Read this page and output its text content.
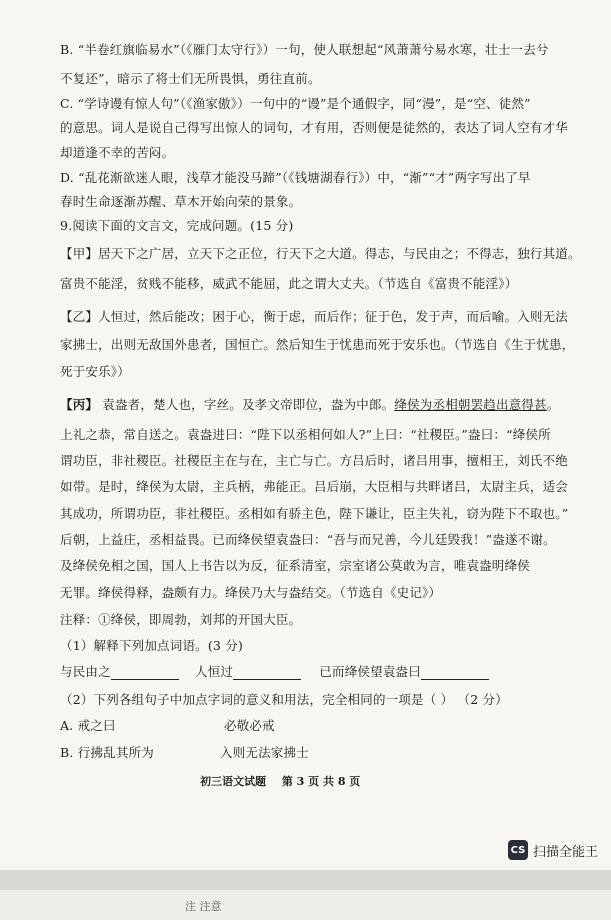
B. “半卷红旗临易水”（《雁门太守行》）一句，使人联想起“风萧萧兮易水寒，壮士一去兮
不复还”，暗示了将士们无所畏惧，勇往直前。
C. “学诗谩有惊人句”（《渔家傲》）一句中的“谩”是个通假字，同“漫”，是“空、徒然”
的意思。词人是说自己得写出惊人的词句，才有用，否则便是徒然的，表达了词人空有才华
却道逢不幸的苦闷。
D. “乱花渐欲迷人眼，浅草才能没马蹄”（《钱塘湖春行》）中，“渐”“才”两字写出了早
春时生命逐渐苏醒、草木开始向荣的景象。
9.阅读下面的文言文，完成问题。(15 分)
【甲】居天下之广居，立天下之正位，行天下之大道。得志，与民由之；不得志，独行其道。
富贵不能淫，贫贱不能移，威武不能屈，此之谓大丈夫。（节选自《富贵不能淫》）
【乙】人恒过，然后能改；困于心，衡于虑，而后作；征于色，发于声，而后喻。入则无法
家拂士，出则无敌国外患者，国恒亡。然后知生于忧患而死于安乐也。（节选自《生于忧患，
死于安乐》）
【丙】 袁盎者，楚人也，字丝。及孝文帝即位，盎为中郎。绛侯为丞相朝罢趋出意得甚。
上礼之恭，常自送之。袁盎进曰：“陛下以丞相何如人?”上曰：“社稷臣。”盎曰：“绛侯所
谓功臣，非社稷臣。社稷臣主在与在，主亡与亡。方吕后时，诸吕用事，擅相王，刘氏不绝
如带。是时，绛侯为太尉，主兵柄，弗能正。吕后崩，大臣相与共畔诸吕，太尉主兵，适会
其成功，所谓功臣，非社稷臣。丞相如有骄主色，陛下谦让，臣主失礼，窃为陛下不取也。”
后朝，上益庄，丞相益畏。已而绛侯望袁盎曰：“吾与而兄善，今儿廷毁我！”盎遂不谢。
及绛侯免相之国，国人上书告以为反，征系清室，宗室诸公莫敢为言，唯袁盎明绛侯
无罪。绛侯得释，盎颇有力。绛侯乃大与盎结交。（节选自《史记》）
注释：①绛侯，即周勃，刘邦的开国大臣。
（1）解释下列加点词语。(3 分)
与民由之	人恒过	已而绛侯望袁盎曰
（2）下列各组句子中加点字词的意义和用法，完全相同的一项是（ ） （2 分）
A. 戒之曰	必敬必戒
B. 行拂乱其所为	入则无法家拂士
初三语文试题 第 3 页 共 8 页
CS 扫描全能王
注 注意
